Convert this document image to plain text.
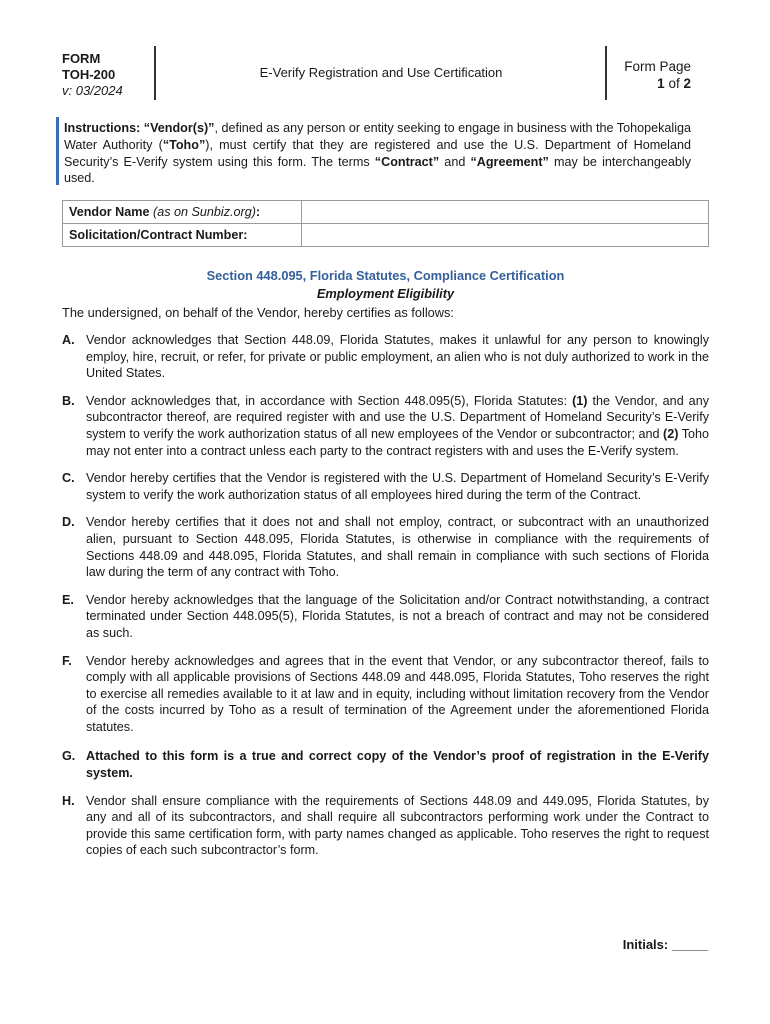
FORM
TOH-200
v: 03/2024
E-Verify Registration and Use Certification	Form Page
1 of 2
Instructions: “Vendor(s)”, defined as any person or entity seeking to engage in business with the Tohopekaliga Water Authority (“Toho”), must certify that they are registered and use the U.S. Department of Homeland Security’s E-Verify system using this form. The terms “Contract” and “Agreement” may be interchangeably used.
Vendor Name (as on Sunbiz.org):	
Solicitation/Contract Number:	
Section 448.095, Florida Statutes, Compliance Certification
Employment Eligibility
The undersigned, on behalf of the Vendor, hereby certifies as follows:
A. Vendor acknowledges that Section 448.09, Florida Statutes, makes it unlawful for any person to knowingly employ, hire, recruit, or refer, for private or public employment, an alien who is not duly authorized to work in the United States.
B. Vendor acknowledges that, in accordance with Section 448.095(5), Florida Statutes: (1) the Vendor, and any subcontractor thereof, are required register with and use the U.S. Department of Homeland Security’s E-Verify system to verify the work authorization status of all new employees of the Vendor or subcontractor; and (2) Toho may not enter into a contract unless each party to the contract registers with and uses the E-Verify system.
C. Vendor hereby certifies that the Vendor is registered with the U.S. Department of Homeland Security’s E-Verify system to verify the work authorization status of all employees hired during the term of the Contract.
D. Vendor hereby certifies that it does not and shall not employ, contract, or subcontract with an unauthorized alien, pursuant to Section 448.095, Florida Statutes, is otherwise in compliance with the requirements of Sections 448.09 and 448.095, Florida Statutes, and shall remain in compliance with such sections of Florida law during the term of any contract with Toho.
E. Vendor hereby acknowledges that the language of the Solicitation and/or Contract notwithstanding, a contract terminated under Section 448.095(5), Florida Statutes, is not a breach of contract and may not be considered as such.
F. Vendor hereby acknowledges and agrees that in the event that Vendor, or any subcontractor thereof, fails to comply with all applicable provisions of Sections 448.09 and 448.095, Florida Statutes, Toho reserves the right to exercise all remedies available to it at law and in equity, including without limitation recovery from the Vendor of the costs incurred by Toho as a result of termination of the Agreement under the aforementioned Florida statutes.
G. Attached to this form is a true and correct copy of the Vendor’s proof of registration in the E-Verify system.
H. Vendor shall ensure compliance with the requirements of Sections 448.09 and 449.095, Florida Statutes, by any and all of its subcontractors, and shall require all subcontractors performing work under the Contract to provide this same certification form, with party names changed as applicable. Toho reserves the right to request copies of each such subcontractor’s form.
Initials: _____
